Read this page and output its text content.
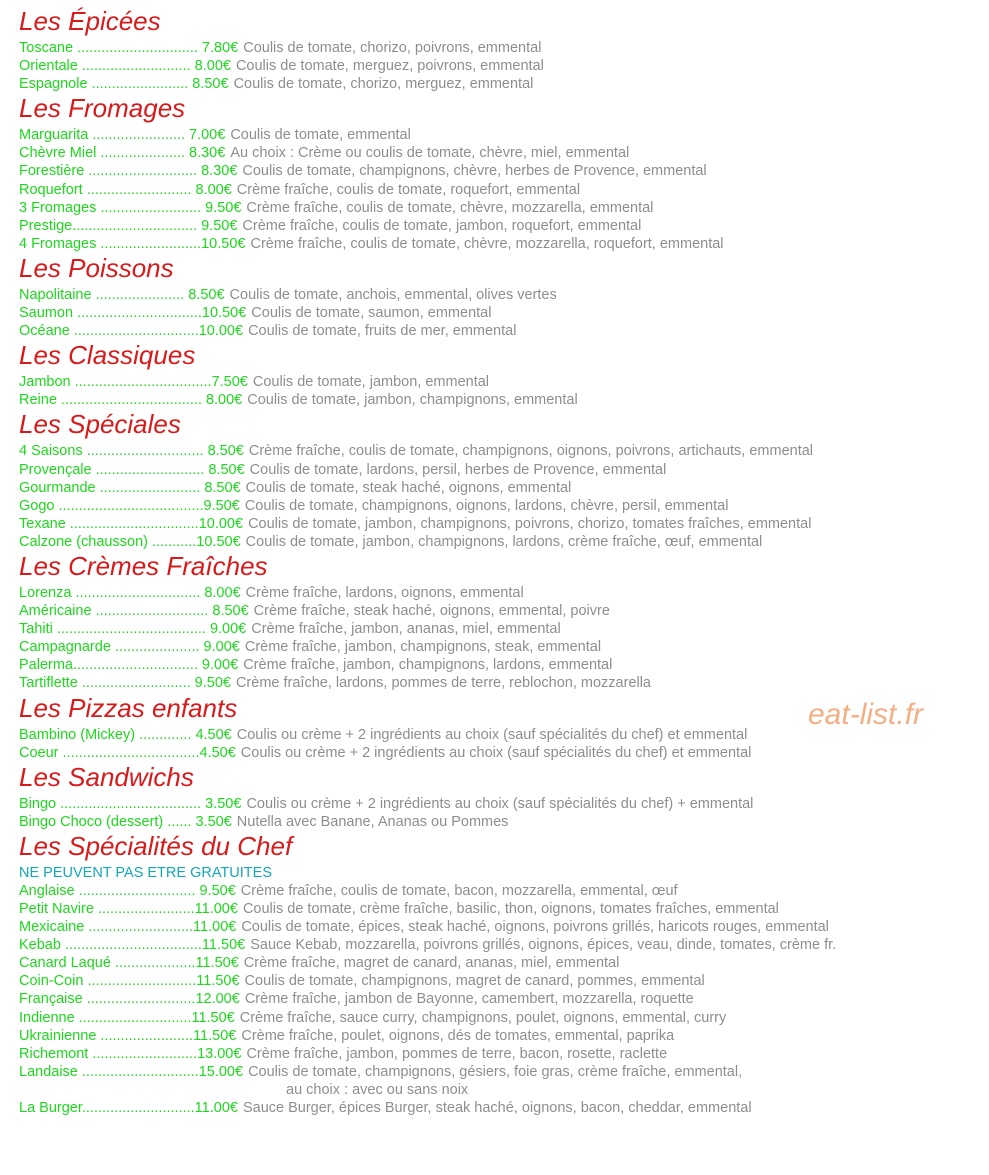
Les Épicées
Toscane .............................. 7.80€ Coulis de tomate, chorizo, poivrons, emmental
Orientale ........................... 8.00€ Coulis de tomate, merguez, poivrons, emmental
Espagnole ........................ 8.50€ Coulis de tomate, chorizo, merguez, emmental
Les Fromages
Marguarita ....................... 7.00€ Coulis de tomate, emmental
Chèvre Miel ..................... 8.30€ Au choix : Crème ou coulis de tomate, chèvre, miel, emmental
Forestière ........................... 8.30€ Coulis de tomate, champignons, chèvre, herbes de Provence, emmental
Roquefort .......................... 8.00€ Crème fraîche, coulis de tomate, roquefort, emmental
3 Fromages ......................... 9.50€ Crème fraîche, coulis de tomate, chèvre, mozzarella, emmental
Prestige............................... 9.50€ Crème fraîche, coulis de tomate, jambon, roquefort, emmental
4 Fromages .........................10.50€ Crème fraîche, coulis de tomate, chèvre, mozzarella, roquefort, emmental
Les Poissons
Napolitaine ...................... 8.50€ Coulis de tomate, anchois, emmental, olives vertes
Saumon ...............................10.50€ Coulis de tomate, saumon, emmental
Océane ...............................10.00€ Coulis de tomate, fruits de mer, emmental
Les Classiques
Jambon ..................................7.50€ Coulis de tomate, jambon, emmental
Reine ................................... 8.00€ Coulis de tomate, jambon, champignons, emmental
Les Spéciales
4 Saisons ............................. 8.50€ Crème fraîche, coulis de tomate, champignons, oignons, poivrons, artichauts, emmental
Provençale ........................... 8.50€ Coulis de tomate, lardons, persil, herbes de Provence, emmental
Gourmande ......................... 8.50€ Coulis de tomate, steak haché, oignons, emmental
Gogo ....................................9.50€ Coulis de tomate, champignons, oignons, lardons, chèvre, persil, emmental
Texane ................................10.00€ Coulis de tomate, jambon, champignons, poivrons, chorizo, tomates fraîches, emmental
Calzone (chausson) ...........10.50€ Coulis de tomate, jambon, champignons, lardons, crème fraîche, œuf, emmental
Les Crèmes Fraîches
Lorenza ............................... 8.00€ Crème fraîche, lardons, oignons, emmental
Américaine ............................ 8.50€ Crème fraîche, steak haché, oignons, emmental, poivre
Tahiti ..................................... 9.00€ Crème fraîche, jambon, ananas, miel, emmental
Campagnarde ..................... 9.00€ Crème fraîche, jambon, champignons, steak, emmental
Palerma............................... 9.00€ Crème fraîche, jambon, champignons, lardons, emmental
Tartiflette ........................... 9.50€ Crème fraîche, lardons, pommes de terre, reblochon, mozzarella
Les Pizzas enfants
Bambino (Mickey) ............. 4.50€ Coulis ou crème + 2 ingrédients au choix (sauf spécialités du chef) et emmental
Coeur ..................................4.50€ Coulis ou crème + 2 ingrédients au choix (sauf spécialités du chef) et emmental
Les Sandwichs
Bingo ................................... 3.50€ Coulis ou crème + 2 ingrédients au choix (sauf spécialités du chef) + emmental
Bingo Choco (dessert) ...... 3.50€ Nutella avec Banane, Ananas ou Pommes
Les Spécialités du Chef
NE PEUVENT PAS ETRE GRATUITES
Anglaise ............................. 9.50€ Crème fraîche, coulis de tomate, bacon, mozzarella, emmental, œuf
Petit Navire ........................11.00€ Coulis de tomate, crème fraîche, basilic, thon, oignons, tomates fraîches, emmental
Mexicaine ..........................11.00€ Coulis de tomate, épices, steak haché, oignons, poivrons grillés, haricots rouges, emmental
Kebab ..................................11.50€ Sauce Kebab, mozzarella, poivrons grillés, oignons, épices, veau, dinde, tomates, crème fr.
Canard Laqué ....................11.50€ Crème fraîche, magret de canard, ananas, miel, emmental
Coin-Coin ...........................11.50€ Coulis de tomate, champignons, magret de canard, pommes, emmental
Française ...........................12.00€ Crème fraîche, jambon de Bayonne, camembert, mozzarella, roquette
Indienne ............................11.50€ Crème fraîche, sauce curry, champignons, poulet, oignons, emmental, curry
Ukrainienne .......................11.50€ Crème fraîche, poulet, oignons, dés de tomates, emmental, paprika
Richemont ..........................13.00€ Crème fraîche, jambon, pommes de terre, bacon, rosette, raclette
Landaise .............................15.00€ Coulis de tomate, champignons, gésiers, foie gras, crème fraîche, emmental,
au choix : avec ou sans noix
La Burger............................11.00€ Sauce Burger, épices Burger, steak haché, oignons, bacon, cheddar, emmental
eat-list.fr
